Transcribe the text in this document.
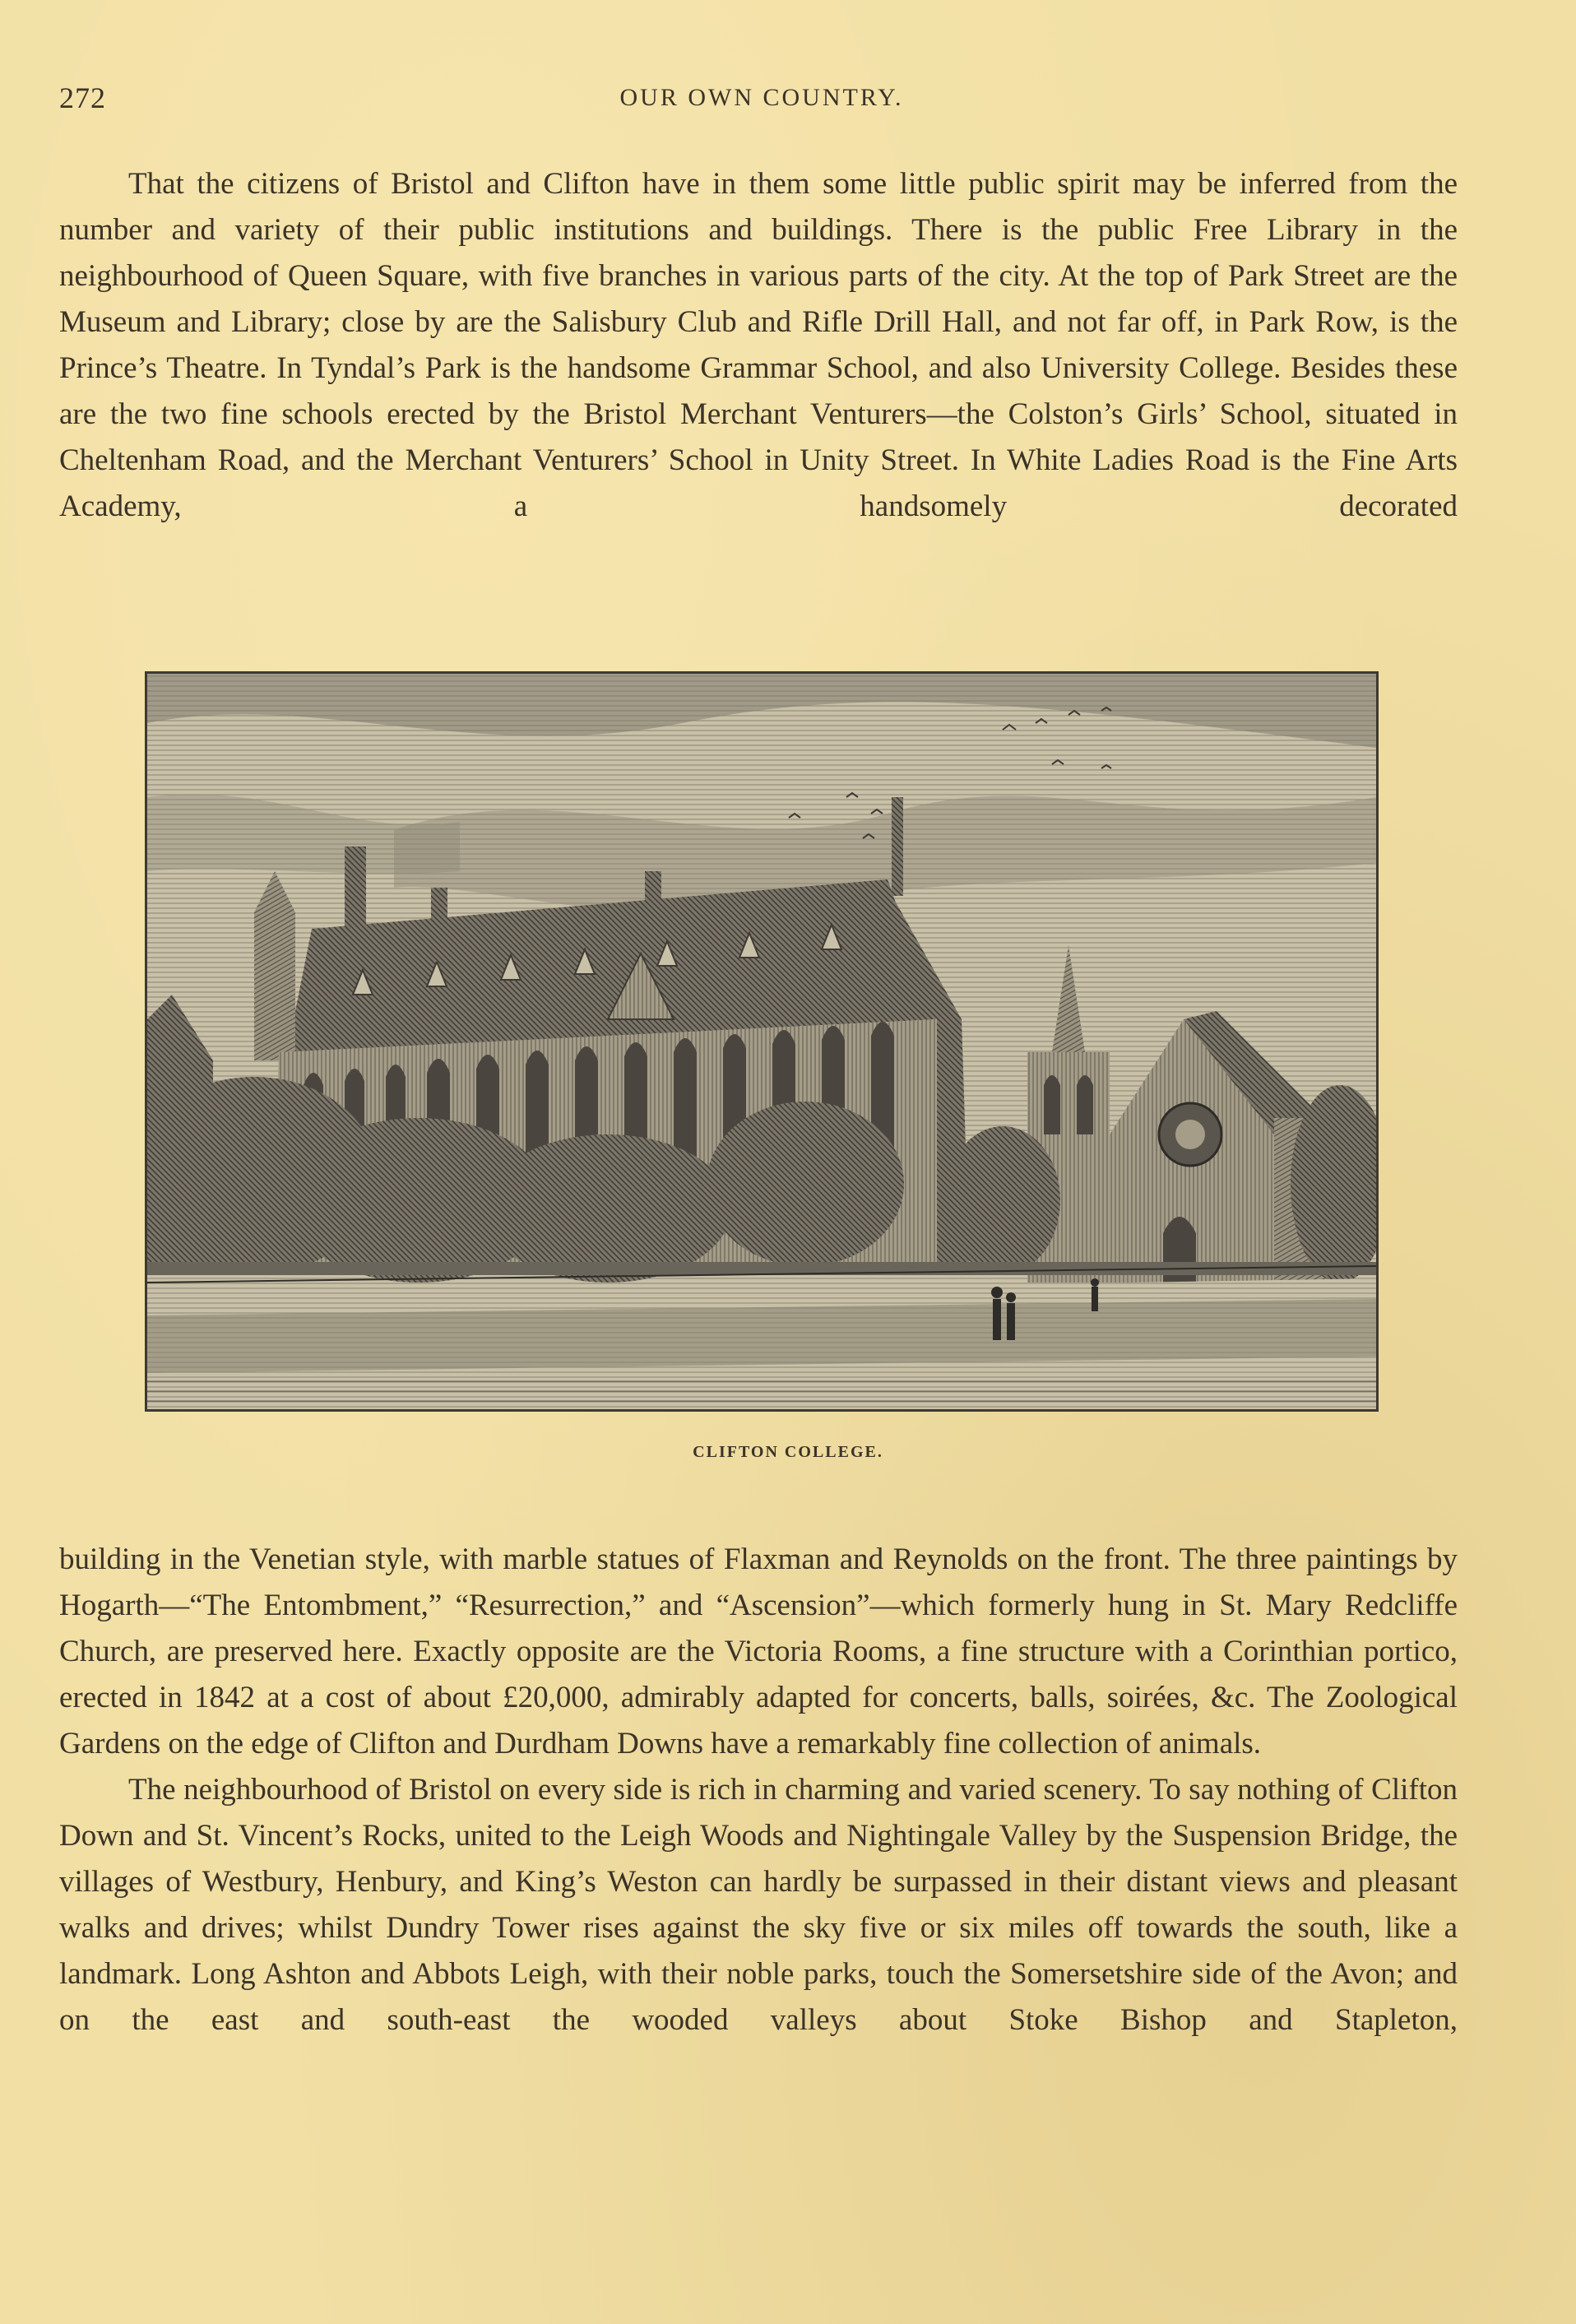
272	OUR OWN COUNTRY.

That the citizens of Bristol and Clifton have in them some little public spirit may be inferred from the number and variety of their public institutions and buildings. There is the public Free Library in the neighbourhood of Queen Square, with five branches in various parts of the city. At the top of Park Street are the Museum and Library; close by are the Salisbury Club and Rifle Drill Hall, and not far off, in Park Row, is the Prince’s Theatre. In Tyndal’s Park is the handsome Grammar School, and also University College. Besides these are the two fine schools erected by the Bristol Merchant Venturers—the Colston’s Girls’ School, situated in Cheltenham Road, and the Merchant Venturers’ School in Unity Street. In White Ladies Road is the Fine Arts Academy, a handsomely decorated

CLIFTON COLLEGE.

building in the Venetian style, with marble statues of Flaxman and Reynolds on the front. The three paintings by Hogarth—“The Entombment,” “Resurrection,” and “Ascension”—which formerly hung in St. Mary Redcliffe Church, are preserved here. Exactly opposite are the Victoria Rooms, a fine structure with a Corinthian portico, erected in 1842 at a cost of about £20,000, admirably adapted for concerts, balls, soirées, &c. The Zoological Gardens on the edge of Clifton and Durdham Downs have a remarkably fine collection of animals.

The neighbourhood of Bristol on every side is rich in charming and varied scenery. To say nothing of Clifton Down and St. Vincent’s Rocks, united to the Leigh Woods and Nightingale Valley by the Suspension Bridge, the villages of Westbury, Henbury, and King’s Weston can hardly be surpassed in their distant views and pleasant walks and drives; whilst Dundry Tower rises against the sky five or six miles off towards the south, like a landmark. Long Ashton and Abbots Leigh, with their noble parks, touch the Somersetshire side of the Avon; and on the east and south-east the wooded valleys about Stoke Bishop and Stapleton,
